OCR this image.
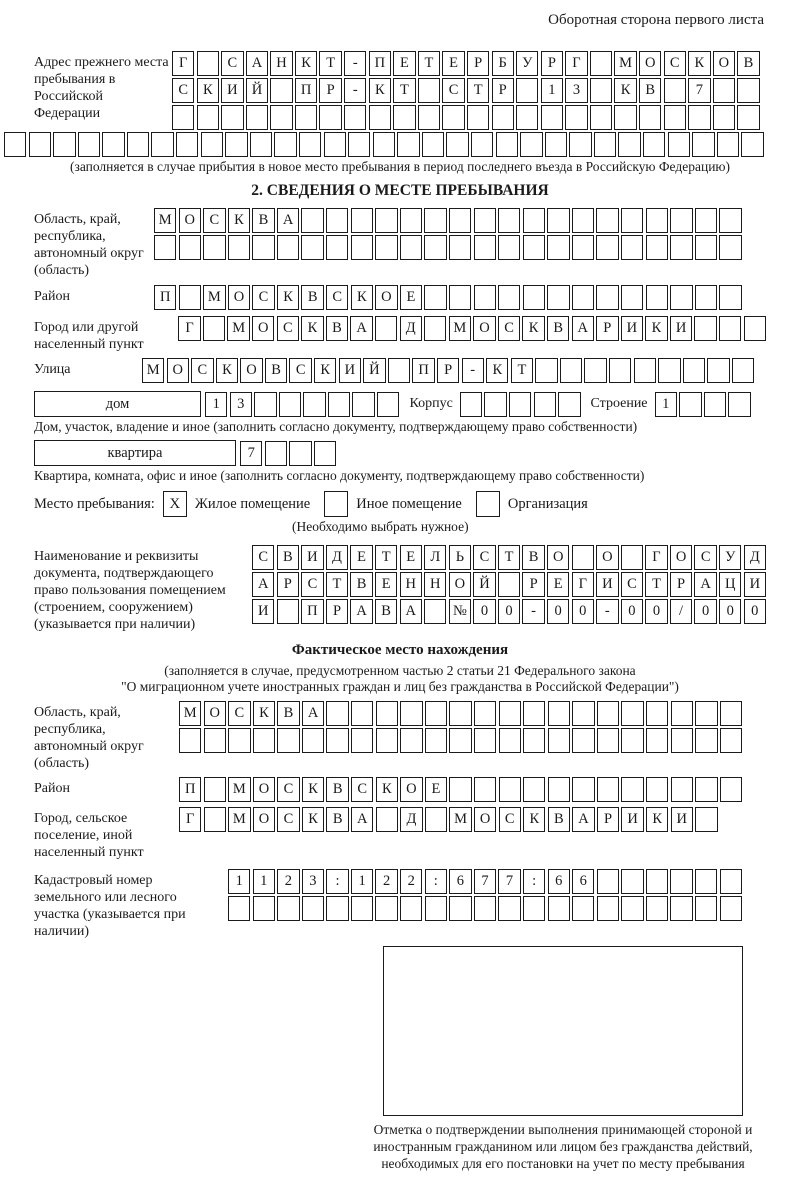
Оборотная сторона первого листа
Адрес прежнего места пребывания в Российской Федерации
Г	С	А Н	К	Т	-	П	Е	Т	Е	Р	Б	У	Р	Г	М О	С	К	О	В
С	К	И Й	П	Р	-	К	Т	С	Т	Р	1	3	К	В	7
(заполняется в случае прибытия в новое место пребывания в период последнего въезда в Российскую Федерацию)
2. СВЕДЕНИЯ О МЕСТЕ ПРЕБЫВАНИЯ
Область, край, республика, автономный округ (область)
М О	С	К	В	А
Район	П	М О	С	К	В	С	К	О	Е
Город или другой населенный пункт
Г	М О	С	К	В	А	Д	М О	С	К	В	А	Р	И	К	И
Улица	М О	С	К	О	В	С	К	И Й	П	Р	-	К	Т
дом	1	3	Корпус	Строение	1
Дом, участок, владение и иное (заполнить согласно документу, подтверждающему право собственности)
квартира	7
Квартира, комната, офис и иное (заполнить согласно документу, подтверждающему право собственности)
Место пребывания: X	Жилое помещение	Иное помещение	Организация
(Необходимо выбрать нужное)
Наименование и реквизиты документа, подтверждающего право пользования помещением (строением, сооружением) (указывается при наличии)
С	В	И Д	Е	Т	Е	Л	Ь	С	Т	В	О	О	Г	О	С	У Д
А	Р	С	Т	В	Е	Н Н О Й	Р	Е	Г	И	С	Т	Р	А Ц И
И	П	Р	А	В	А	№ 0	0	-	0	0	-	0	0	/	0	0	0
Фактическое место нахождения
(заполняется в случае, предусмотренном частью 2 статьи 21 Федерального закона
"О миграционном учете иностранных граждан и лиц без гражданства в Российской Федерации")
Область, край, республика, автономный округ (область)
М О	С	К	В	А
Район	П	М О	С	К	В	С	К	О	Е
Город, сельское поселение, иной населенный пункт
Г	М О	С	К	В	А	Д	М О	С	К	В	А	Р	И	К	И
Кадастровый номер земельного или лесного участка (указывается при наличии)
1	1	2	3	:	1	2	2	:	6	7	7	:	6	6
Отметка о подтверждении выполнения принимающей стороной и иностранным гражданином или лицом без гражданства действий, необходимых для его постановки на учет по месту пребывания
